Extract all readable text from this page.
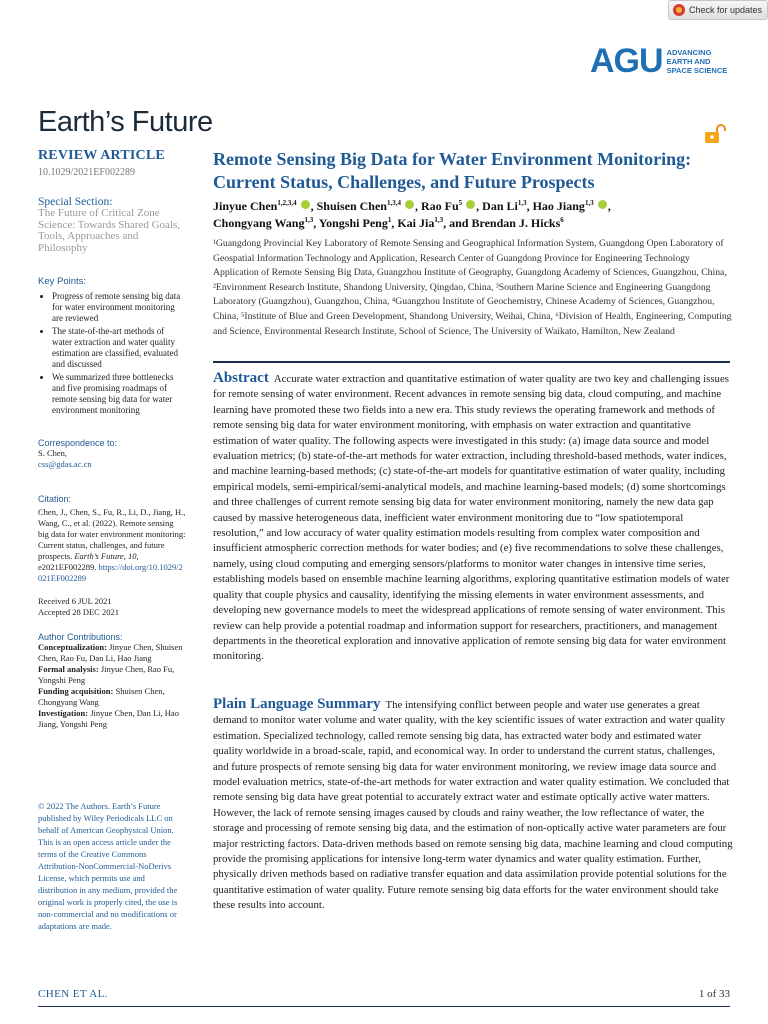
Check for updates
AGU ADVANCING
EARTH AND
SPACE SCIENCE
Earth’s Future
REVIEW ARTICLE
10.1029/2021EF002289
Special Section:
The Future of Critical Zone Science: Towards Shared Goals, Tools, Approaches and Philosophy
Key Points:
• Progress of remote sensing big data for water environment monitoring are reviewed
• The state-of-the-art methods of water extraction and water quality estimation are classified, evaluated and discussed
• We summarized three bottlenecks and five promising roadmaps of remote sensing big data for water environment monitoring
Correspondence to:
S. Chen,
css@gdas.ac.cn
Citation:
Chen, J., Chen, S., Fu, R., Li, D., Jiang, H., Wang, C., et al. (2022). Remote sensing big data for water environment monitoring: Current status, challenges, and future prospects. Earth’s Future, 10, e2021EF002289. https://doi.org/10.1029/2021EF002289
Received 6 JUL 2021
Accepted 28 DEC 2021
Author Contributions:
Conceptualization: Jinyue Chen, Shuisen Chen, Rao Fu, Dan Li, Hao Jiang
Formal analysis: Jinyue Chen, Rao Fu, Yongshi Peng
Funding acquisition: Shuisen Chen, Chongyang Wang
Investigation: Jinyue Chen, Dan Li, Hao Jiang, Yongshi Peng
© 2022 The Authors. Earth’s Future published by Wiley Periodicals LLC on behalf of American Geophysical Union. This is an open access article under the terms of the Creative Commons Attribution-NonCommercial-NoDerivs License, which permits use and distribution in any medium, provided the original work is properly cited, the use is non-commercial and no modifications or adaptations are made.
Remote Sensing Big Data for Water Environment Monitoring: Current Status, Challenges, and Future Prospects
Jinyue Chen$^{1,2,3,4}$ , Shuisen Chen$^{1,3,4}$ , Rao Fu$^5$ , Dan Li$^{1,3}$, Hao Jiang$^{1,3}$ ,
Chongyang Wang$^{1,3}$, Yongshi Peng$^1$, Kai Jia$^{1,3}$, and Brendan J. Hicks$^6$
¹Guangdong Provincial Key Laboratory of Remote Sensing and Geographical Information System, Guangdong Open Laboratory of Geospatial Information Technology and Application, Research Center of Guangdong Province for Engineering Technology Application of Remote Sensing Big Data, Guangzhou Institute of Geography, Guangdong Academy of Sciences, Guangzhou, China, ²Environment Research Institute, Shandong University, Qingdao, China, ³Southern Marine Science and Engineering Guangdong Laboratory (Guangzhou), Guangzhou, China, ⁴Guangzhou Institute of Geochemistry, Chinese Academy of Sciences, Guangzhou, China, ⁵Institute of Blue and Green Development, Shandong University, Weihai, China, ⁶Division of Health, Engineering, Computing and Science, Environmental Research Institute, School of Science, The University of Waikato, Hamilton, New Zealand
Abstract Accurate water extraction and quantitative estimation of water quality are two key and challenging issues for remote sensing of water environment. Recent advances in remote sensing big data, cloud computing, and machine learning have promoted these two fields into a new era. This study reviews the operating framework and methods of remote sensing big data for water environment monitoring, with emphasis on water extraction and quantitative estimation of water quality. The following aspects were investigated in this study: (a) image data source and model evaluation metrics; (b) state-of-the-art methods for water extraction, including threshold-based methods, water indices, and machine learning-based methods; (c) state-of-the-art models for quantitative estimation of water quality, including empirical models, semi-empirical/semi-analytical models, and machine learning-based models; (d) some shortcomings and three challenges of current remote sensing big data for water environment monitoring, namely the new data gap caused by massive heterogeneous data, inefficient water environment monitoring due to “low spatiotemporal resolution,” and low accuracy of water quality estimation models resulting from complex water composition and insufficient atmospheric correction methods for water bodies; and (e) five recommendations to solve these challenges, namely, using cloud computing and emerging sensors/platforms to monitor water changes in intensive time series, establishing models based on ensemble machine learning algorithms, exploring quantitative estimation models of water quality that couple physics and causality, identifying the missing elements in water environment assessments, and developing new governance models to meet the widespread applications of remote sensing of water environment. This review can help provide a potential roadmap and information support for researchers, practitioners, and management departments in the theoretical exploration and innovative application of remote sensing big data for water environment monitoring.
Plain Language Summary The intensifying conflict between people and water use generates a great demand to monitor water volume and water quality, with the key scientific issues of water extraction and water quality estimation. Specialized technology, called remote sensing big data, has extracted water body and estimated water quality worldwide in a broad-scale, rapid, and economical way. In order to understand the current status, challenges, and future prospects of remote sensing big data for water environment monitoring, we review image data source and model evaluation metrics, state-of-the-art methods for water extraction and water quality estimation. We concluded that remote sensing big data have great potential to accurately extract water and estimate optically active water matters. However, the lack of remote sensing images caused by clouds and rainy weather, the low reflectance of water, the storage and processing of remote sensing big data, and the estimation of non-optically active water parameters are four major restricting factors. Data-driven methods based on remote sensing big data, machine learning and cloud computing provide the promising applications for intensive long-term water dynamics and water quality estimation. Further, physically driven methods based on radiative transfer equation and data assimilation provide potential solutions for the quantitative estimation of water quality. Future remote sensing big data efforts for the water environment should take these results into account.
CHEN ET AL.	1 of 33
